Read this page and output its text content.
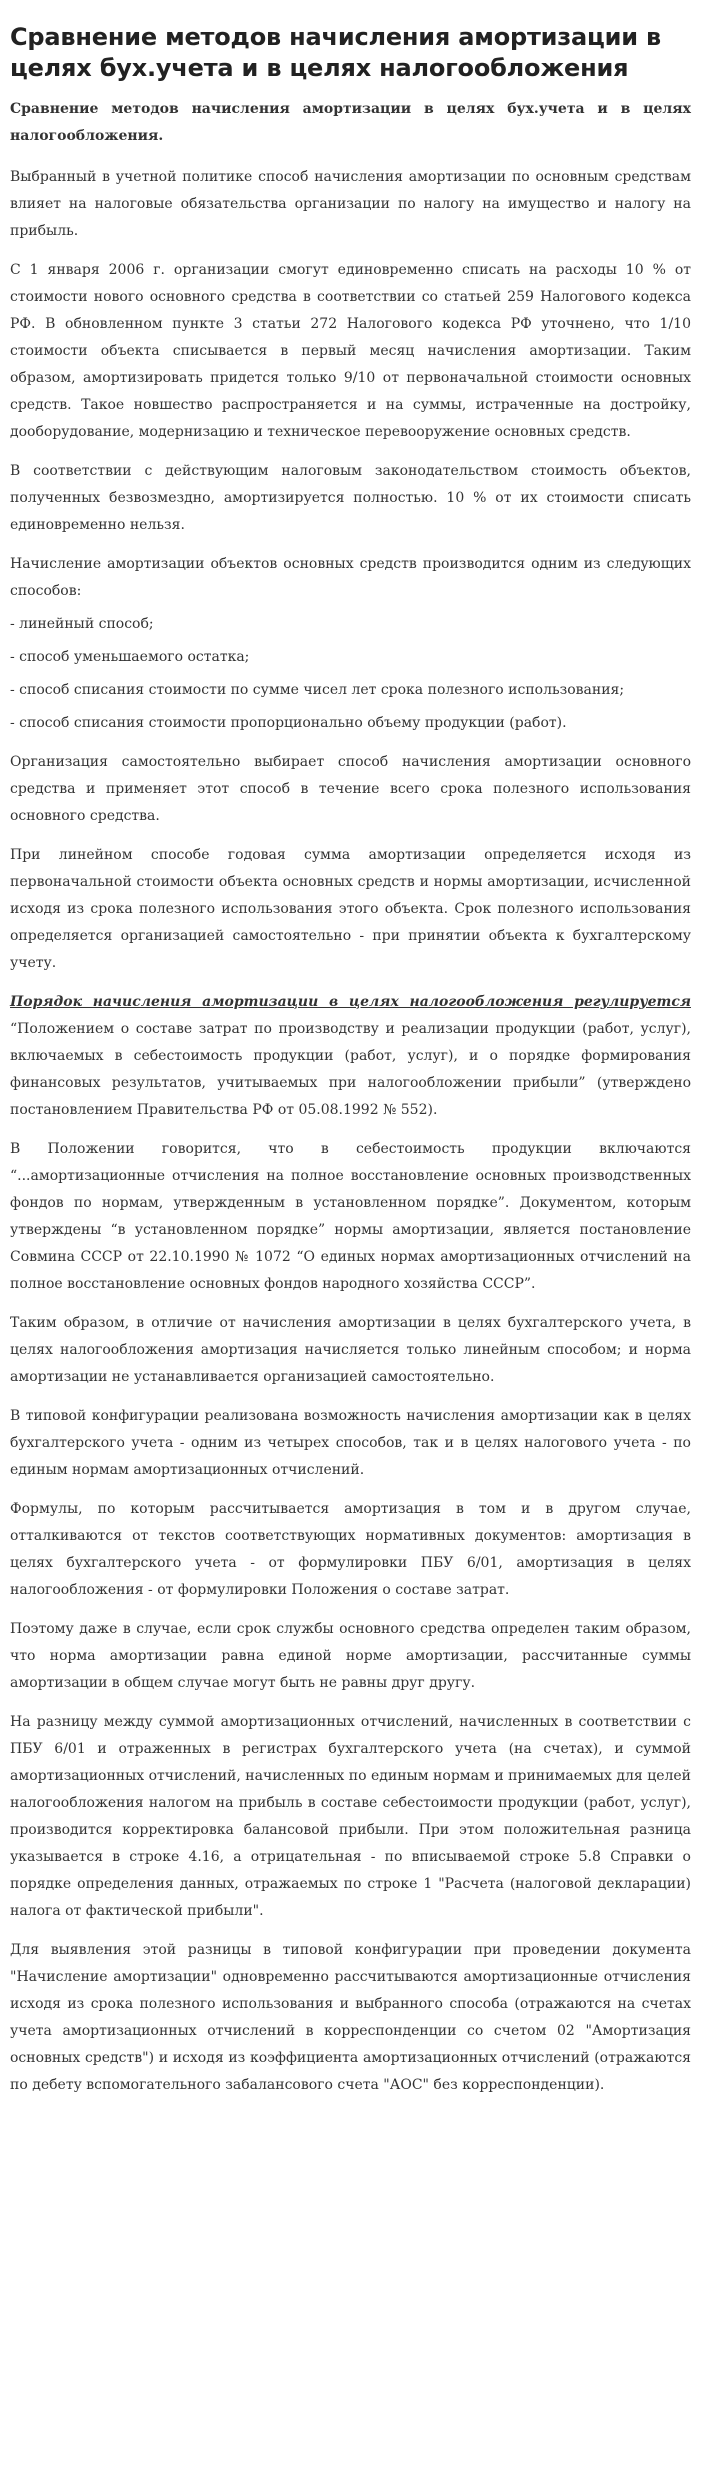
Сравнение методов начисления амортизации в целях бух.учета и в целях налогообложения

Сравнение методов начисления амортизации в целях бух.учета и в целях налогообложения.

Выбранный в учетной политике способ начисления амортизации по основным средствам влияет на налоговые обязательства организации по налогу на имущество и налогу на прибыль.

С 1 января 2006 г. организации смогут единовременно списать на расходы 10 % от стоимости нового основного средства в соответствии со статьей 259 Налогового кодекса РФ. В обновленном пункте 3 статьи 272 Налогового кодекса РФ уточнено, что 1/10 стоимости объекта списывается в первый месяц начисления амортизации. Таким образом, амортизировать придется только 9/10 от первоначальной стоимости основных средств. Такое новшество распространяется и на суммы, истраченные на достройку, дооборудование, модернизацию и техническое перевооружение основных средств.

В соответствии с действующим налоговым законодательством стоимость объектов, полученных безвозмездно, амортизируется полностью. 10 % от их стоимости списать единовременно нельзя.

Начисление амортизации объектов основных средств производится одним из следующих способов:

- линейный способ;

- способ уменьшаемого остатка;

- способ списания стоимости по сумме чисел лет срока полезного использования;

- способ списания стоимости пропорционально объему продукции (работ).

Организация самостоятельно выбирает способ начисления амортизации основного средства и применяет этот способ в течение всего срока полезного использования основного средства.

При линейном способе годовая сумма амортизации определяется исходя из первоначальной стоимости объекта основных средств и нормы амортизации, исчисленной исходя из срока полезного использования этого объекта. Срок полезного использования определяется организацией самостоятельно - при принятии объекта к бухгалтерскому учету.

Порядок начисления амортизации в целях налогообложения регулируется “Положением о составе затрат по производству и реализации продукции (работ, услуг), включаемых в себестоимость продукции (работ, услуг), и о порядке формирования финансовых результатов, учитываемых при налогообложении прибыли” (утверждено постановлением Правительства РФ от 05.08.1992 № 552).

В Положении говорится, что в себестоимость продукции включаются “...амортизационные отчисления на полное восстановление основных производственных фондов по нормам, утвержденным в установленном порядке”. Документом, которым утверждены “в установленном порядке” нормы амортизации, является постановление Совмина СССР от 22.10.1990 № 1072 “О единых нормах амортизационных отчислений на полное восстановление основных фондов народного хозяйства СССР”.

Таким образом, в отличие от начисления амортизации в целях бухгалтерского учета, в целях налогообложения амортизация начисляется только линейным способом; и норма амортизации не устанавливается организацией самостоятельно.

В типовой конфигурации реализована возможность начисления амортизации как в целях бухгалтерского учета - одним из четырех способов, так и в целях налогового учета - по единым нормам амортизационных отчислений.

Формулы, по которым рассчитывается амортизация в том и в другом случае, отталкиваются от текстов соответствующих нормативных документов: амортизация в целях бухгалтерского учета - от формулировки ПБУ 6/01, амортизация в целях налогообложения - от формулировки Положения о составе затрат.

Поэтому даже в случае, если срок службы основного средства определен таким образом, что норма амортизации равна единой норме амортизации, рассчитанные суммы амортизации в общем случае могут быть не равны друг другу.

На разницу между суммой амортизационных отчислений, начисленных в соответствии с ПБУ 6/01 и отраженных в регистрах бухгалтерского учета (на счетах), и суммой амортизационных отчислений, начисленных по единым нормам и принимаемых для целей налогообложения налогом на прибыль в составе себестоимости продукции (работ, услуг), производится корректировка балансовой прибыли. При этом положительная разница указывается в строке 4.16, а отрицательная - по вписываемой строке 5.8 Справки о порядке определения данных, отражаемых по строке 1 "Расчета (налоговой декларации) налога от фактической прибыли".

Для выявления этой разницы в типовой конфигурации при проведении документа "Начисление амортизации" одновременно рассчитываются амортизационные отчисления исходя из срока полезного использования и выбранного способа (отражаются на счетах учета амортизационных отчислений в корреспонденции со счетом 02 "Амортизация основных средств") и исходя из коэффициента амортизационных отчислений (отражаются по дебету вспомогательного забалансового счета "АОС" без корреспонденции).
